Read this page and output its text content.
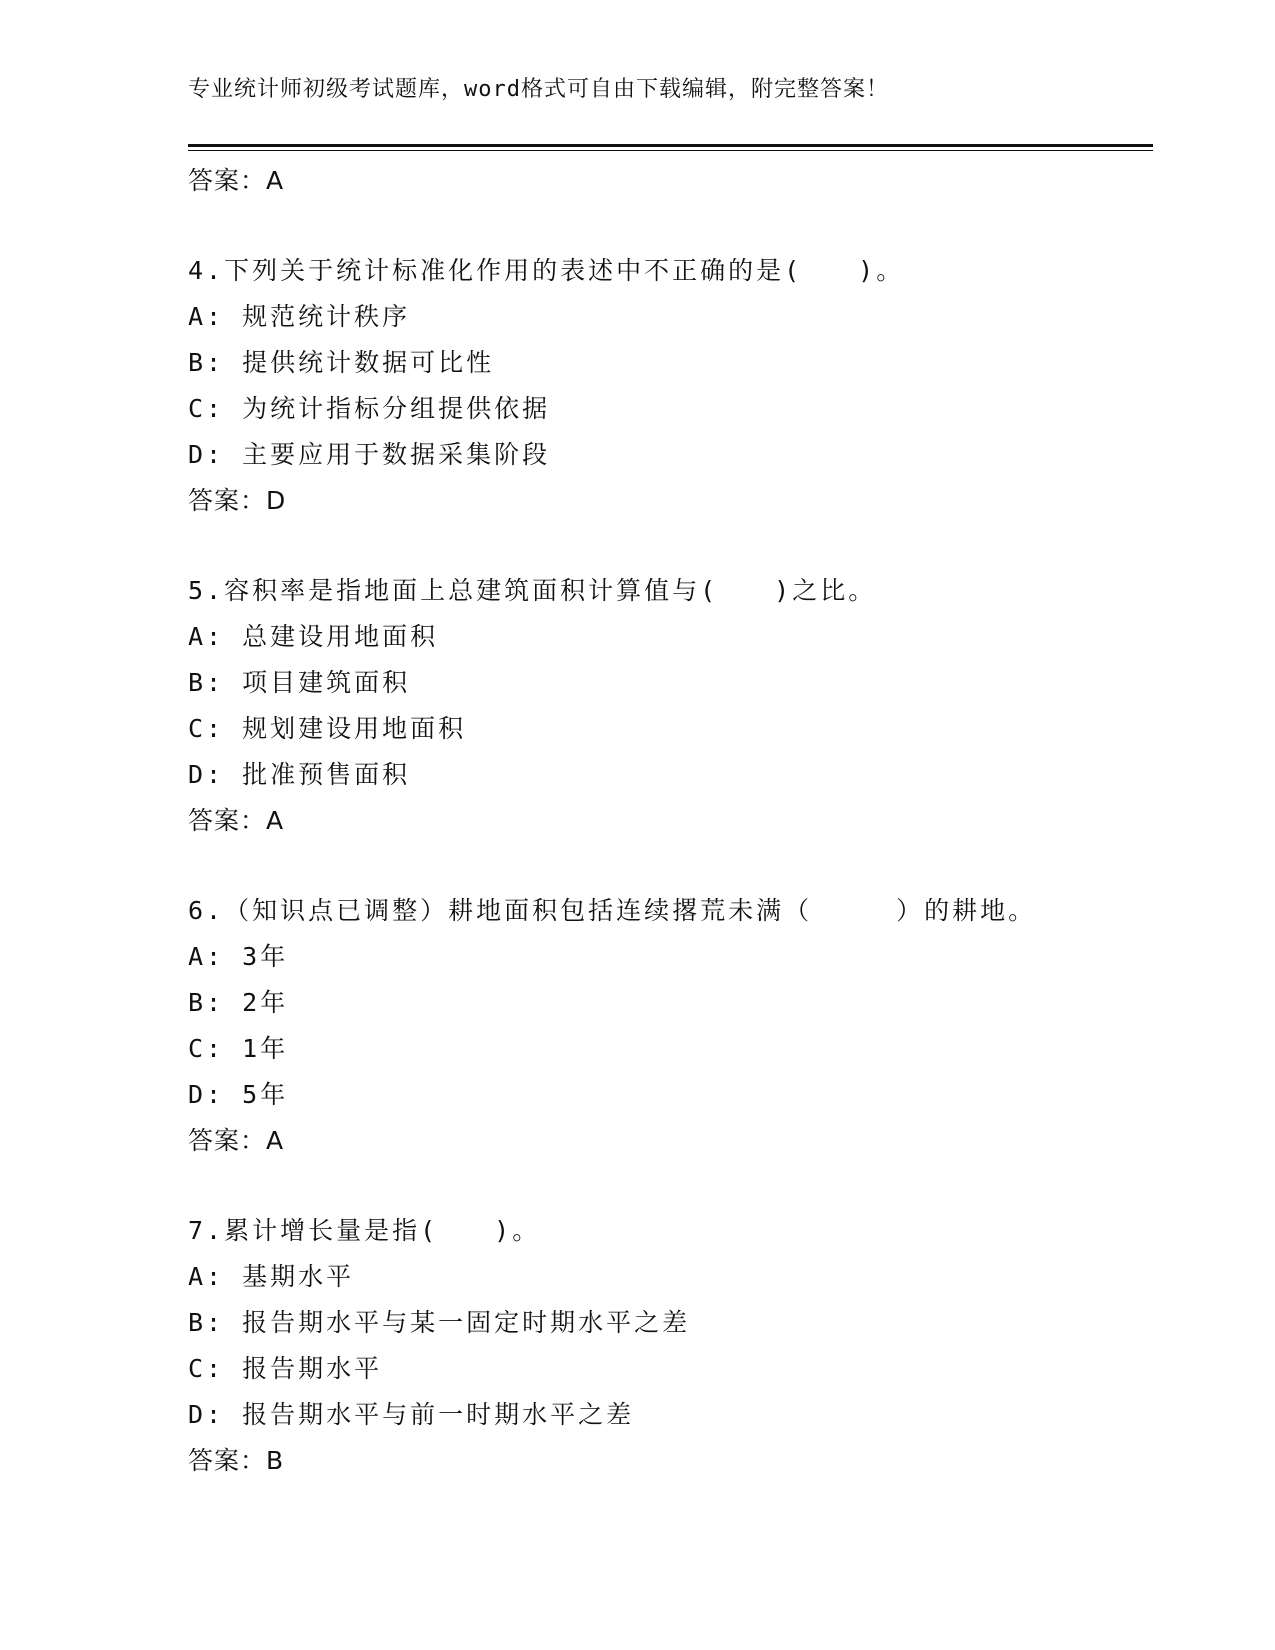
专业统计师初级考试题库，word格式可自由下载编辑，附完整答案！
答案：A
4.下列关于统计标准化作用的表述中不正确的是(　　)。
A: 规范统计秩序
B: 提供统计数据可比性
C: 为统计指标分组提供依据
D: 主要应用于数据采集阶段
答案：D
5.容积率是指地面上总建筑面积计算值与(　　)之比。
A: 总建设用地面积
B: 项目建筑面积
C: 规划建设用地面积
D: 批准预售面积
答案：A
6.（知识点已调整）耕地面积包括连续撂荒未满（　　　）的耕地。
A: 3年
B: 2年
C: 1年
D: 5年
答案：A
7.累计增长量是指(　　)。
A: 基期水平
B: 报告期水平与某一固定时期水平之差
C: 报告期水平
D: 报告期水平与前一时期水平之差
答案：B
